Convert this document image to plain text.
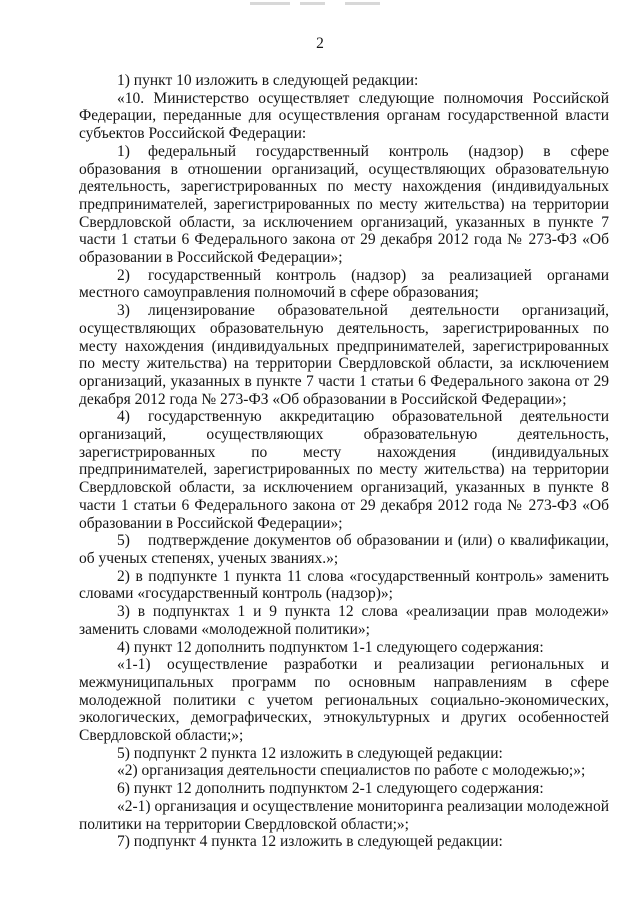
2

1) пункт 10 изложить в следующей редакции:

«10. Министерство осуществляет следующие полномочия Российской Федерации, переданные для осуществления органам государственной власти субъектов Российской Федерации:

1) федеральный государственный контроль (надзор) в сфере образования в отношении организаций, осуществляющих образовательную деятельность, зарегистрированных по месту нахождения (индивидуальных предпринимателей, зарегистрированных по месту жительства) на территории Свердловской области, за исключением организаций, указанных в пункте 7 части 1 статьи 6 Федерального закона от 29 декабря 2012 года № 273-ФЗ «Об образовании в Российской Федерации»;

2) государственный контроль (надзор) за реализацией органами местного самоуправления полномочий в сфере образования;

3) лицензирование образовательной деятельности организаций, осуществляющих образовательную деятельность, зарегистрированных по месту нахождения (индивидуальных предпринимателей, зарегистрированных по месту жительства) на территории Свердловской области, за исключением организаций, указанных в пункте 7 части 1 статьи 6 Федерального закона от 29 декабря 2012 года № 273-ФЗ «Об образовании в Российской Федерации»;

4) государственную аккредитацию образовательной деятельности организаций, осуществляющих образовательную деятельность, зарегистрированных по месту нахождения (индивидуальных предпринимателей, зарегистрированных по месту жительства) на территории Свердловской области, за исключением организаций, указанных в пункте 8 части 1 статьи 6 Федерального закона от 29 декабря 2012 года № 273-ФЗ «Об образовании в Российской Федерации»;

5) подтверждение документов об образовании и (или) о квалификации, об ученых степенях, ученых званиях.»;

2) в подпункте 1 пункта 11 слова «государственный контроль» заменить словами «государственный контроль (надзор)»;

3) в подпунктах 1 и 9 пункта 12 слова «реализации прав молодежи» заменить словами «молодежной политики»;

4) пункт 12 дополнить подпунктом 1-1 следующего содержания:

«1-1) осуществление разработки и реализации региональных и межмуниципальных программ по основным направлениям в сфере молодежной политики с учетом региональных социально-экономических, экологических, демографических, этнокультурных и других особенностей Свердловской области;»;

5) подпункт 2 пункта 12 изложить в следующей редакции:

«2) организация деятельности специалистов по работе с молодежью;»;

6) пункт 12 дополнить подпунктом 2-1 следующего содержания:

«2-1) организация и осуществление мониторинга реализации молодежной политики на территории Свердловской области;»;

7) подпункт 4 пункта 12 изложить в следующей редакции:
